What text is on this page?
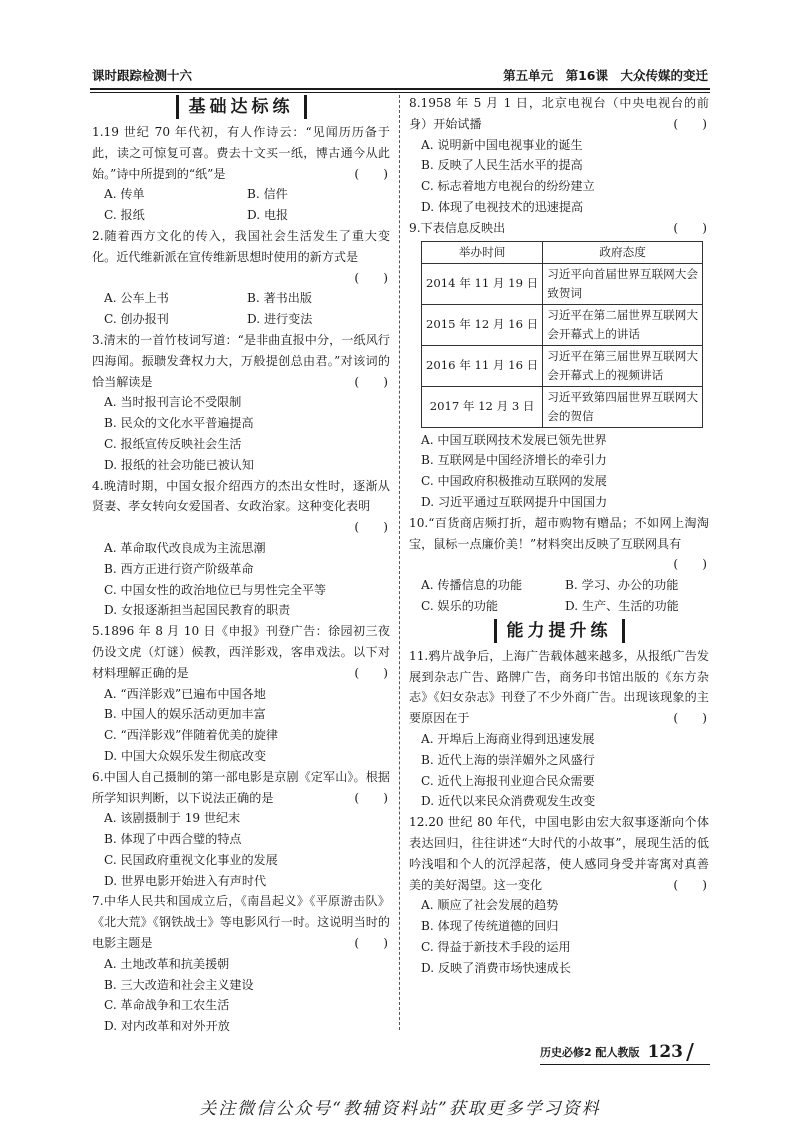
课时跟踪检测十六	第五单元　第16课　大众传媒的变迁
基础达标练
1.19 世纪 70 年代初，有人作诗云：“见闻历历备于此，读之可惊复可喜。费去十文买一纸，博古通今从此始。”诗中所提到的“纸”是	(　　)
A. 传单	B. 信件
C. 报纸	D. 电报
2.随着西方文化的传入，我国社会生活发生了重大变化。近代维新派在宣传维新思想时使用的新方式是
(　　)
A. 公车上书	B. 著书出版
C. 创办报刊	D. 进行变法
3.清末的一首竹枝词写道：“是非曲直报中分，一纸风行四海闻。振聩发聋权力大，万般提创总由君。”对该词的恰当解读是	(　　)
A. 当时报刊言论不受限制
B. 民众的文化水平普遍提高
C. 报纸宣传反映社会生活
D. 报纸的社会功能已被认知
4.晚清时期，中国女报介绍西方的杰出女性时，逐渐从贤妻、孝女转向女爱国者、女政治家。这种变化表明
(　　)
A. 革命取代改良成为主流思潮
B. 西方正进行资产阶级革命
C. 中国女性的政治地位已与男性完全平等
D. 女报逐渐担当起国民教育的职责
5.1896 年 8 月 10 日《申报》刊登广告：徐园初三夜仍设文虎（灯谜）候教，西洋影戏，客串戏法。以下对材料理解正确的是	(　　)
A. “西洋影戏”已遍布中国各地
B. 中国人的娱乐活动更加丰富
C. “西洋影戏”伴随着优美的旋律
D. 中国大众娱乐发生彻底改变
6.中国人自己摄制的第一部电影是京剧《定军山》。根据所学知识判断，以下说法正确的是	(　　)
A. 该剧摄制于 19 世纪末
B. 体现了中西合璧的特点
C. 民国政府重视文化事业的发展
D. 世界电影开始进入有声时代
7.中华人民共和国成立后，《南昌起义》《平原游击队》《北大荒》《钢铁战士》等电影风行一时。这说明当时的电影主题是	(　　)
A. 土地改革和抗美援朝
B. 三大改造和社会主义建设
C. 革命战争和工农生活
D. 对内改革和对外开放
8.1958 年 5 月 1 日，北京电视台（中央电视台的前身）开始试播	(　　)
A. 说明新中国电视事业的诞生
B. 反映了人民生活水平的提高
C. 标志着地方电视台的纷纷建立
D. 体现了电视技术的迅速提高
9.下表信息反映出	(　　)
举办时间	政府态度
2014 年 11 月 19 日	习近平向首届世界互联网大会致贺词
2015 年 12 月 16 日	习近平在第二届世界互联网大会开幕式上的讲话
2016 年 11 月 16 日	习近平在第三届世界互联网大会开幕式上的视频讲话
2017 年 12 月 3 日	习近平致第四届世界互联网大会的贺信
A. 中国互联网技术发展已领先世界
B. 互联网是中国经济增长的牵引力
C. 中国政府积极推动互联网的发展
D. 习近平通过互联网提升中国国力
10.“百货商店频打折，超市购物有赠品；不如网上淘淘宝，鼠标一点廉价美！”材料突出反映了互联网具有
(　　)
A. 传播信息的功能	B. 学习、办公的功能
C. 娱乐的功能	D. 生产、生活的功能
能力提升练
11.鸦片战争后，上海广告载体越来越多，从报纸广告发展到杂志广告、路牌广告，商务印书馆出版的《东方杂志》《妇女杂志》刊登了不少外商广告。出现该现象的主要原因在于	(　　)
A. 开埠后上海商业得到迅速发展
B. 近代上海的崇洋媚外之风盛行
C. 近代上海报刊业迎合民众需要
D. 近代以来民众消费观发生改变
12.20 世纪 80 年代，中国电影由宏大叙事逐渐向个体表达回归，往往讲述“大时代的小故事”，展现生活的低吟浅唱和个人的沉浮起落，使人感同身受并寄寓对真善美的美好渴望。这一变化	(　　)
A. 顺应了社会发展的趋势
B. 体现了传统道德的回归
C. 得益于新技术手段的运用
D. 反映了消费市场快速成长
历史必修2 配人教版 123
关注微信公众号“教辅资料站”获取更多学习资料
